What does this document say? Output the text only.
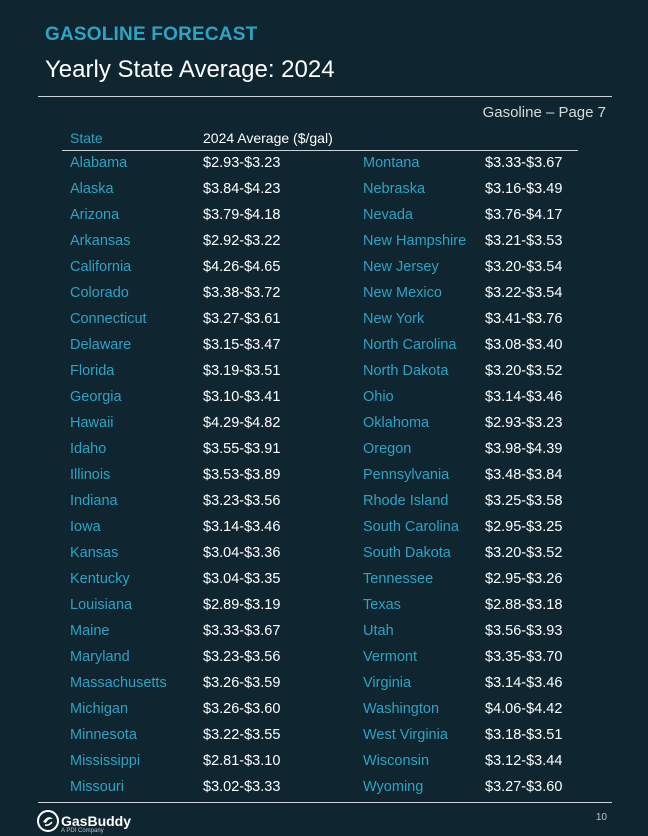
GASOLINE FORECAST
Yearly State Average: 2024
Gasoline – Page 7
State	2024 Average ($/gal)
Alabama	$2.93-$3.23	Montana	$3.33-$3.67
Alaska	$3.84-$4.23	Nebraska	$3.16-$3.49
Arizona	$3.79-$4.18	Nevada	$3.76-$4.17
Arkansas	$2.92-$3.22	New Hampshire $3.21-$3.53
California	$4.26-$4.65	New Jersey	$3.20-$3.54
Colorado	$3.38-$3.72	New Mexico	$3.22-$3.54
Connecticut	$3.27-$3.61	New York	$3.41-$3.76
Delaware	$3.15-$3.47	North Carolina $3.08-$3.40
Florida	$3.19-$3.51	North Dakota	$3.20-$3.52
Georgia	$3.10-$3.41	Ohio	$3.14-$3.46
Hawaii	$4.29-$4.82	Oklahoma	$2.93-$3.23
Idaho	$3.55-$3.91	Oregon	$3.98-$4.39
Illinois	$3.53-$3.89	Pennsylvania $3.48-$3.84
Indiana	$3.23-$3.56	Rhode Island	$3.25-$3.58
Iowa	$3.14-$3.46	South Carolina $2.95-$3.25
Kansas	$3.04-$3.36	South Dakota $3.20-$3.52
Kentucky	$3.04-$3.35	Tennessee	$2.95-$3.26
Louisiana	$2.89-$3.19	Texas	$2.88-$3.18
Maine	$3.33-$3.67	Utah	$3.56-$3.93
Maryland	$3.23-$3.56	Vermont	$3.35-$3.70
Massachusetts	$3.26-$3.59	Virginia	$3.14-$3.46
Michigan	$3.26-$3.60	Washington	$4.06-$4.42
Minnesota	$3.22-$3.55	West Virginia	$3.18-$3.51
Mississippi	$2.81-$3.10	Wisconsin	$3.12-$3.44
Missouri	$3.02-$3.33	Wyoming	$3.27-$3.60
GasBuddy
A PDI Company
10
